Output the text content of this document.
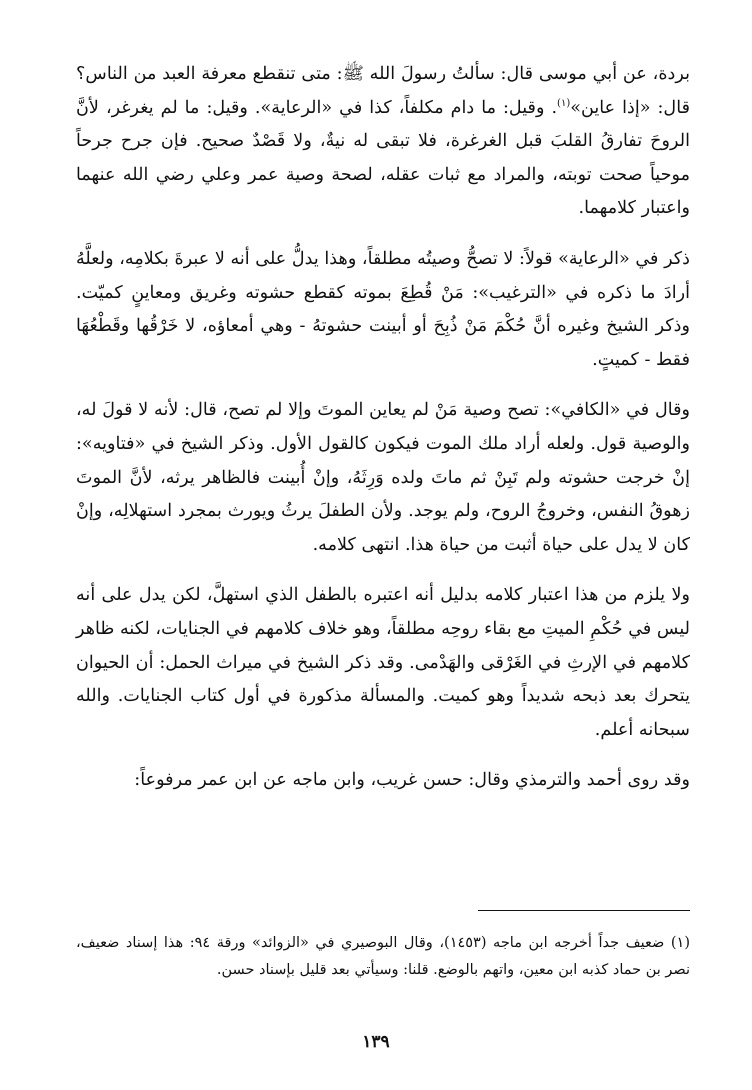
بردة، عن أبي موسى قال: سألتُ رسولَ الله ﷺ: متى تنقطع معرفة العبد من الناس؟ قال: «إذا عاين»$^{(١)}$. وقيل: ما دام مكلفاً، كذا في «الرعاية». وقيل: ما لم يغرغر، لأنَّ الروحَ تفارقُ القلبَ قبل الغرغرة، فلا تبقى له نيةٌ، ولا قَصْدٌ صحيح. فإن جرح جرحاً موحياً صحت توبته، والمراد مع ثبات عقله، لصحة وصية عمر وعلي رضي الله عنهما واعتبار كلامهما.

ذكر في «الرعاية» قولاً: لا تصحُّ وصيتُه مطلقاً، وهذا يدلُّ على أنه لا عبرةَ بكلامِه، ولعلَّهُ أرادَ ما ذكره في «الترغيب»: مَنْ قُطِعَ بموته كقطع حشوته وغريق ومعاينٍ كميّت. وذكر الشيخ وغيره أنَّ حُكْمَ مَنْ ذُبِحَ أو أبينت حشوتهُ - وهي أمعاؤه، لا خَرْقُها وقَطْعُهَا فقط - كميتٍ.

وقال في «الكافي»: تصح وصية مَنْ لم يعاين الموتَ وإلا لم تصح، قال: لأنه لا قولَ له، والوصية قول. ولعله أراد ملك الموت فيكون كالقول الأول. وذكر الشيخ في «فتاويه»: إنْ خرجت حشوته ولم تَبِنْ ثم ماتَ ولده وَرِثَهُ، وإنْ أُبينت فالظاهر يرثه، لأنَّ الموتَ زهوقُ النفس، وخروجُ الروح، ولم يوجد. ولأن الطفلَ يرثُ ويورث بمجرد استهلالِه، وإنْ كان لا يدل على حياة أثبت من حياة هذا. انتهى كلامه.

ولا يلزم من هذا اعتبار كلامه بدليل أنه اعتبره بالطفل الذي استهلَّ، لكن يدل على أنه ليس في حُكْمِ الميتِ مع بقاء روحِه مطلقاً، وهو خلاف كلامهم في الجنايات، لكنه ظاهر كلامهم في الإرثِ في الغَرْقى والهَدْمى. وقد ذكر الشيخ في ميراث الحمل: أن الحيوان يتحرك بعد ذبحه شديداً وهو كميت. والمسألة مذكورة في أول كتاب الجنايات. والله سبحانه أعلم.

وقد روى أحمد والترمذي وقال: حسن غريب، وابن ماجه عن ابن عمر مرفوعاً:

(١) ضعيف جداً أخرجه ابن ماجه (١٤٥٣)، وقال البوصيري في «الزوائد» ورقة ٩٤: هذا إسناد ضعيف، نصر بن حماد كذبه ابن معين، واتهم بالوضع. قلنا: وسيأتي بعد قليل بإسناد حسن.
١٣٩
